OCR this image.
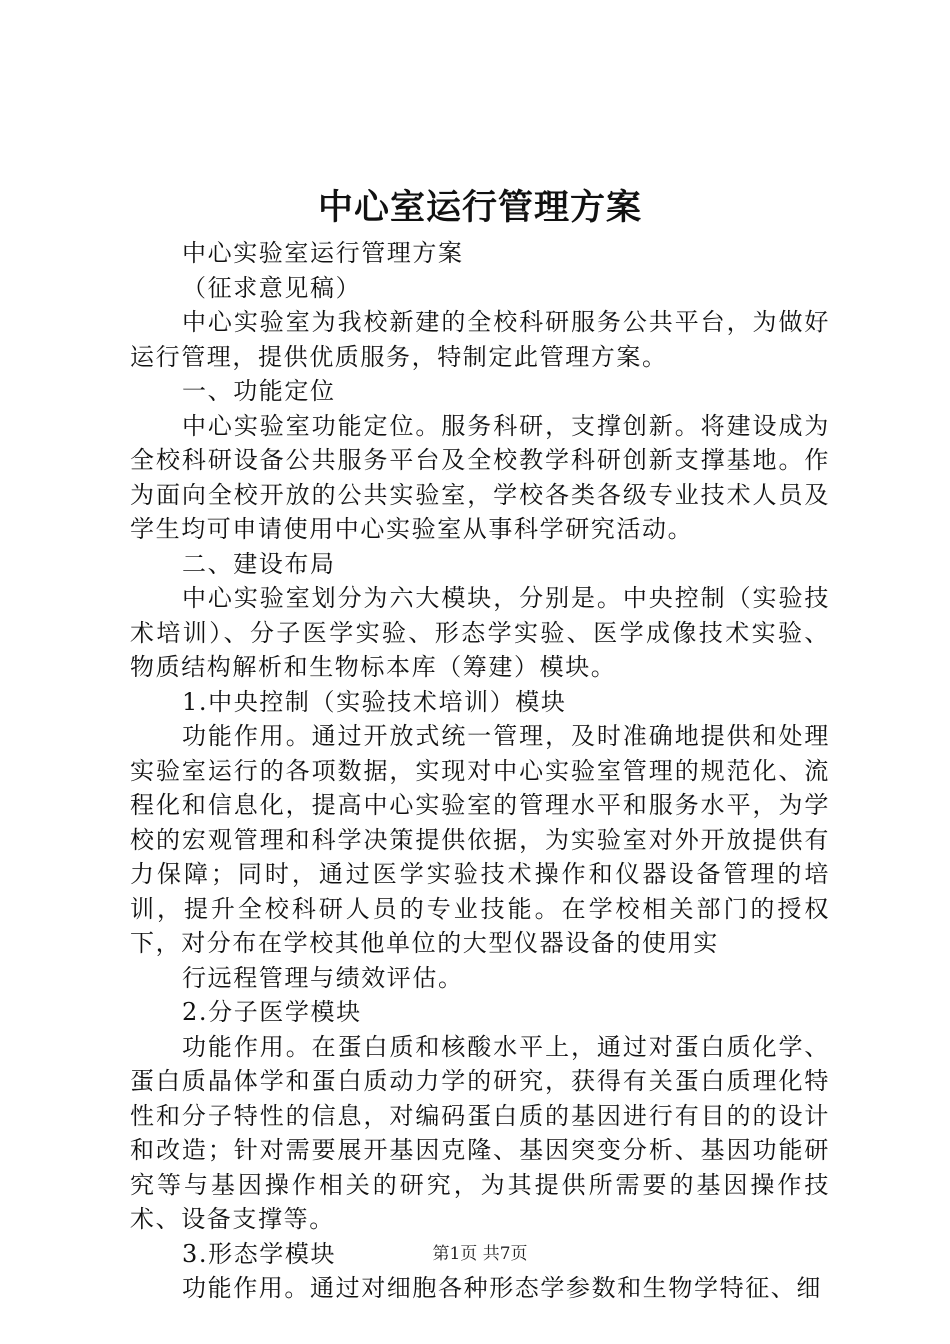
中心室运行管理方案

中心实验室运行管理方案

（征求意见稿）

中心实验室为我校新建的全校科研服务公共平台，为做好运行管理，提供优质服务，特制定此管理方案。

一、功能定位

中心实验室功能定位。服务科研，支撑创新。将建设成为全校科研设备公共服务平台及全校教学科研创新支撑基地。作为面向全校开放的公共实验室，学校各类各级专业技术人员及学生均可申请使用中心实验室从事科学研究活动。

二、建设布局

中心实验室划分为六大模块，分别是。中央控制（实验技术培训）、分子医学实验、形态学实验、医学成像技术实验、物质结构解析和生物标本库（筹建）模块。

1.中央控制（实验技术培训）模块

功能作用。通过开放式统一管理，及时准确地提供和处理实验室运行的各项数据，实现对中心实验室管理的规范化、流程化和信息化，提高中心实验室的管理水平和服务水平，为学校的宏观管理和科学决策提供依据，为实验室对外开放提供有力保障；同时，通过医学实验技术操作和仪器设备管理的培训，提升全校科研人员的专业技能。在学校相关部门的授权下，对分布在学校其他单位的大型仪器设备的使用实

行远程管理与绩效评估。

2.分子医学模块

功能作用。在蛋白质和核酸水平上，通过对蛋白质化学、蛋白质晶体学和蛋白质动力学的研究，获得有关蛋白质理化特性和分子特性的信息，对编码蛋白质的基因进行有目的的设计和改造；针对需要展开基因克隆、基因突变分析、基因功能研究等与基因操作相关的研究，为其提供所需要的基因操作技术、设备支撑等。

3.形态学模块

功能作用。通过对细胞各种形态学参数和生物学特征、细

第1页 共7页
